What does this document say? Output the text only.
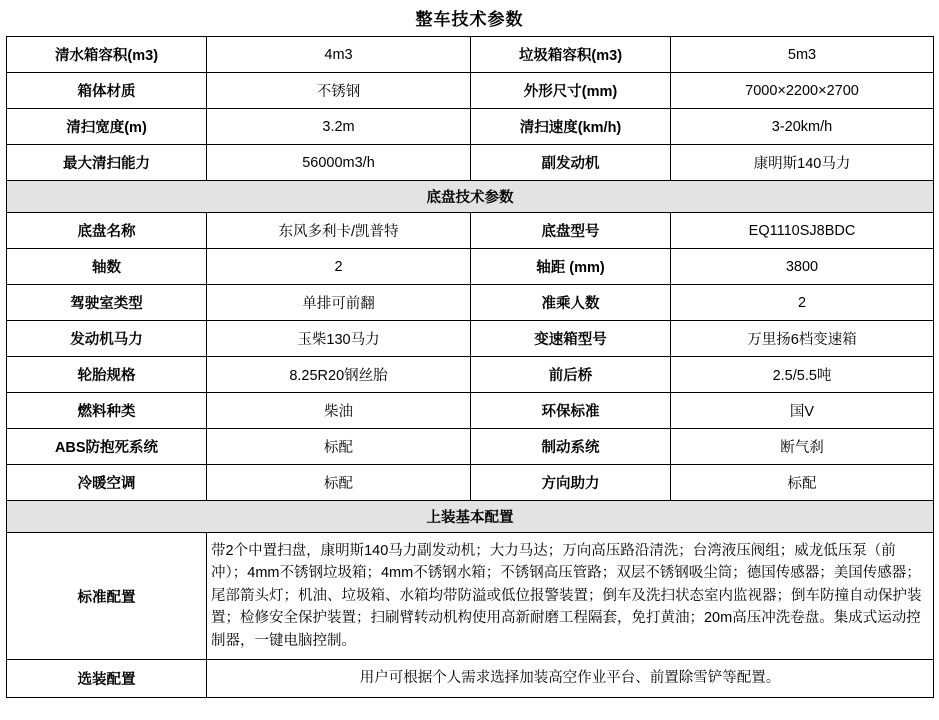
整车技术参数
清水箱容积(m3)	4m3	垃圾箱容积(m3)	5m3
箱体材质	不锈钢	外形尺寸(mm)	7000×2200×2700
清扫宽度(m)	3.2m	清扫速度(km/h)	3-20km/h
最大清扫能力	56000m3/h	副发动机	康明斯140马力
底盘技术参数			
底盘名称	东风多利卡/凯普特	底盘型号	EQ1110SJ8BDC
轴数	2	轴距 (mm)	3800
驾驶室类型	单排可前翻	准乘人数	2
发动机马力	玉柴130马力	变速箱型号	万里扬6档变速箱
轮胎规格	8.25R20钢丝胎	前后桥	2.5/5.5吨
燃料种类	柴油	环保标准	国V
ABS防抱死系统	标配	制动系统	断气刹
冷暖空调	标配	方向助力	标配
上装基本配置			
标准配置	带2个中置扫盘，康明斯140马力副发动机；大力马达；万向高压路沿清洗；台湾液压阀组；威龙低压泵（前冲）；4mm不锈钢垃圾箱；4mm不锈钢水箱；不锈钢高压管路；双层不锈钢吸尘筒；德国传感器；美国传感器；尾部箭头灯；机油、垃圾箱、水箱均带防溢或低位报警装置；倒车及洗扫状态室内监视器；倒车防撞自动保护装置；检修安全保护装置；扫刷臂转动机构使用高新耐磨工程隔套，免打黄油；20m高压冲洗卷盘。集成式运动控制器，一键电脑控制。		
选装配置	用户可根据个人需求选择加装高空作业平台、前置除雪铲等配置。		
